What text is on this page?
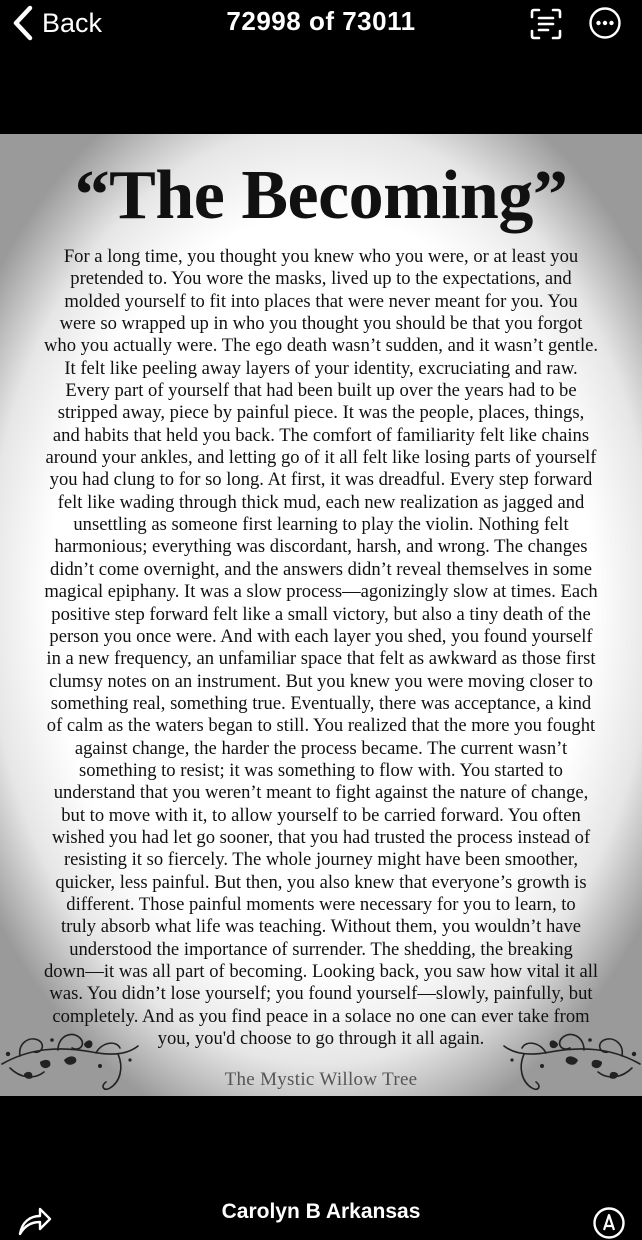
Back	72998 of 73011
“The Becoming”
For a long time, you thought you knew who you were, or at least you
pretended to. You wore the masks, lived up to the expectations, and
molded yourself to fit into places that were never meant for you. You
were so wrapped up in who you thought you should be that you forgot
who you actually were. The ego death wasn’t sudden, and it wasn’t gentle.
It felt like peeling away layers of your identity, excruciating and raw.
Every part of yourself that had been built up over the years had to be
stripped away, piece by painful piece. It was the people, places, things,
and habits that held you back. The comfort of familiarity felt like chains
around your ankles, and letting go of it all felt like losing parts of yourself
you had clung to for so long. At first, it was dreadful. Every step forward
felt like wading through thick mud, each new realization as jagged and
unsettling as someone first learning to play the violin. Nothing felt
harmonious; everything was discordant, harsh, and wrong. The changes
didn’t come overnight, and the answers didn’t reveal themselves in some
magical epiphany. It was a slow process—agonizingly slow at times. Each
positive step forward felt like a small victory, but also a tiny death of the
person you once were. And with each layer you shed, you found yourself
in a new frequency, an unfamiliar space that felt as awkward as those first
clumsy notes on an instrument. But you knew you were moving closer to
something real, something true. Eventually, there was acceptance, a kind
of calm as the waters began to still. You realized that the more you fought
against change, the harder the process became. The current wasn’t
something to resist; it was something to flow with. You started to
understand that you weren’t meant to fight against the nature of change,
but to move with it, to allow yourself to be carried forward. You often
wished you had let go sooner, that you had trusted the process instead of
resisting it so fiercely. The whole journey might have been smoother,
quicker, less painful. But then, you also knew that everyone’s growth is
different. Those painful moments were necessary for you to learn, to
truly absorb what life was teaching. Without them, you wouldn’t have
understood the importance of surrender. The shedding, the breaking
down—it was all part of becoming. Looking back, you saw how vital it all
was. You didn’t lose yourself; you found yourself—slowly, painfully, but
completely. And as you find peace in a solace no one can ever take from
you, you'd choose to go through it all again.
The Mystic Willow Tree
Carolyn B Arkansas
